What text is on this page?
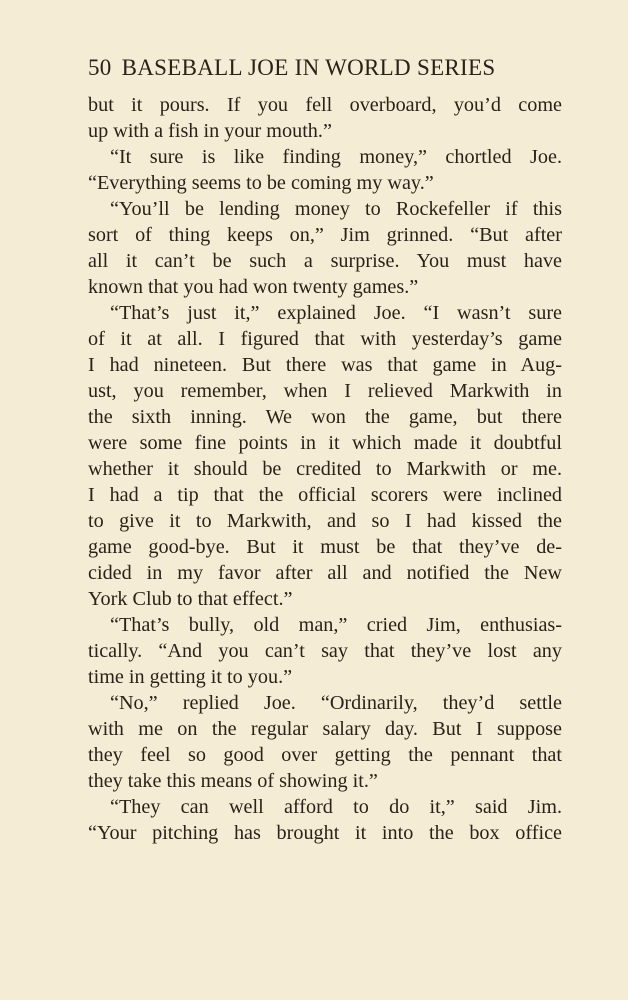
50 BASEBALL JOE IN WORLD SERIES
but it pours. If you fell overboard, you’d come
up with a fish in your mouth.”
“It sure is like finding money,” chortled Joe.
“Everything seems to be coming my way.”
“You’ll be lending money to Rockefeller if this
sort of thing keeps on,” Jim grinned. “But after
all it can’t be such a surprise. You must have
known that you had won twenty games.”
“That’s just it,” explained Joe. “I wasn’t sure
of it at all. I figured that with yesterday’s game
I had nineteen. But there was that game in Aug-
ust, you remember, when I relieved Markwith in
the sixth inning. We won the game, but there
were some fine points in it which made it doubtful
whether it should be credited to Markwith or me.
I had a tip that the official scorers were inclined
to give it to Markwith, and so I had kissed the
game good-bye. But it must be that they’ve de-
cided in my favor after all and notified the New
York Club to that effect.”
“That’s bully, old man,” cried Jim, enthusias-
tically. “And you can’t say that they’ve lost any
time in getting it to you.”
“No,” replied Joe. “Ordinarily, they’d settle
with me on the regular salary day. But I suppose
they feel so good over getting the pennant that
they take this means of showing it.”
“They can well afford to do it,” said Jim.
“Your pitching has brought it into the box office
